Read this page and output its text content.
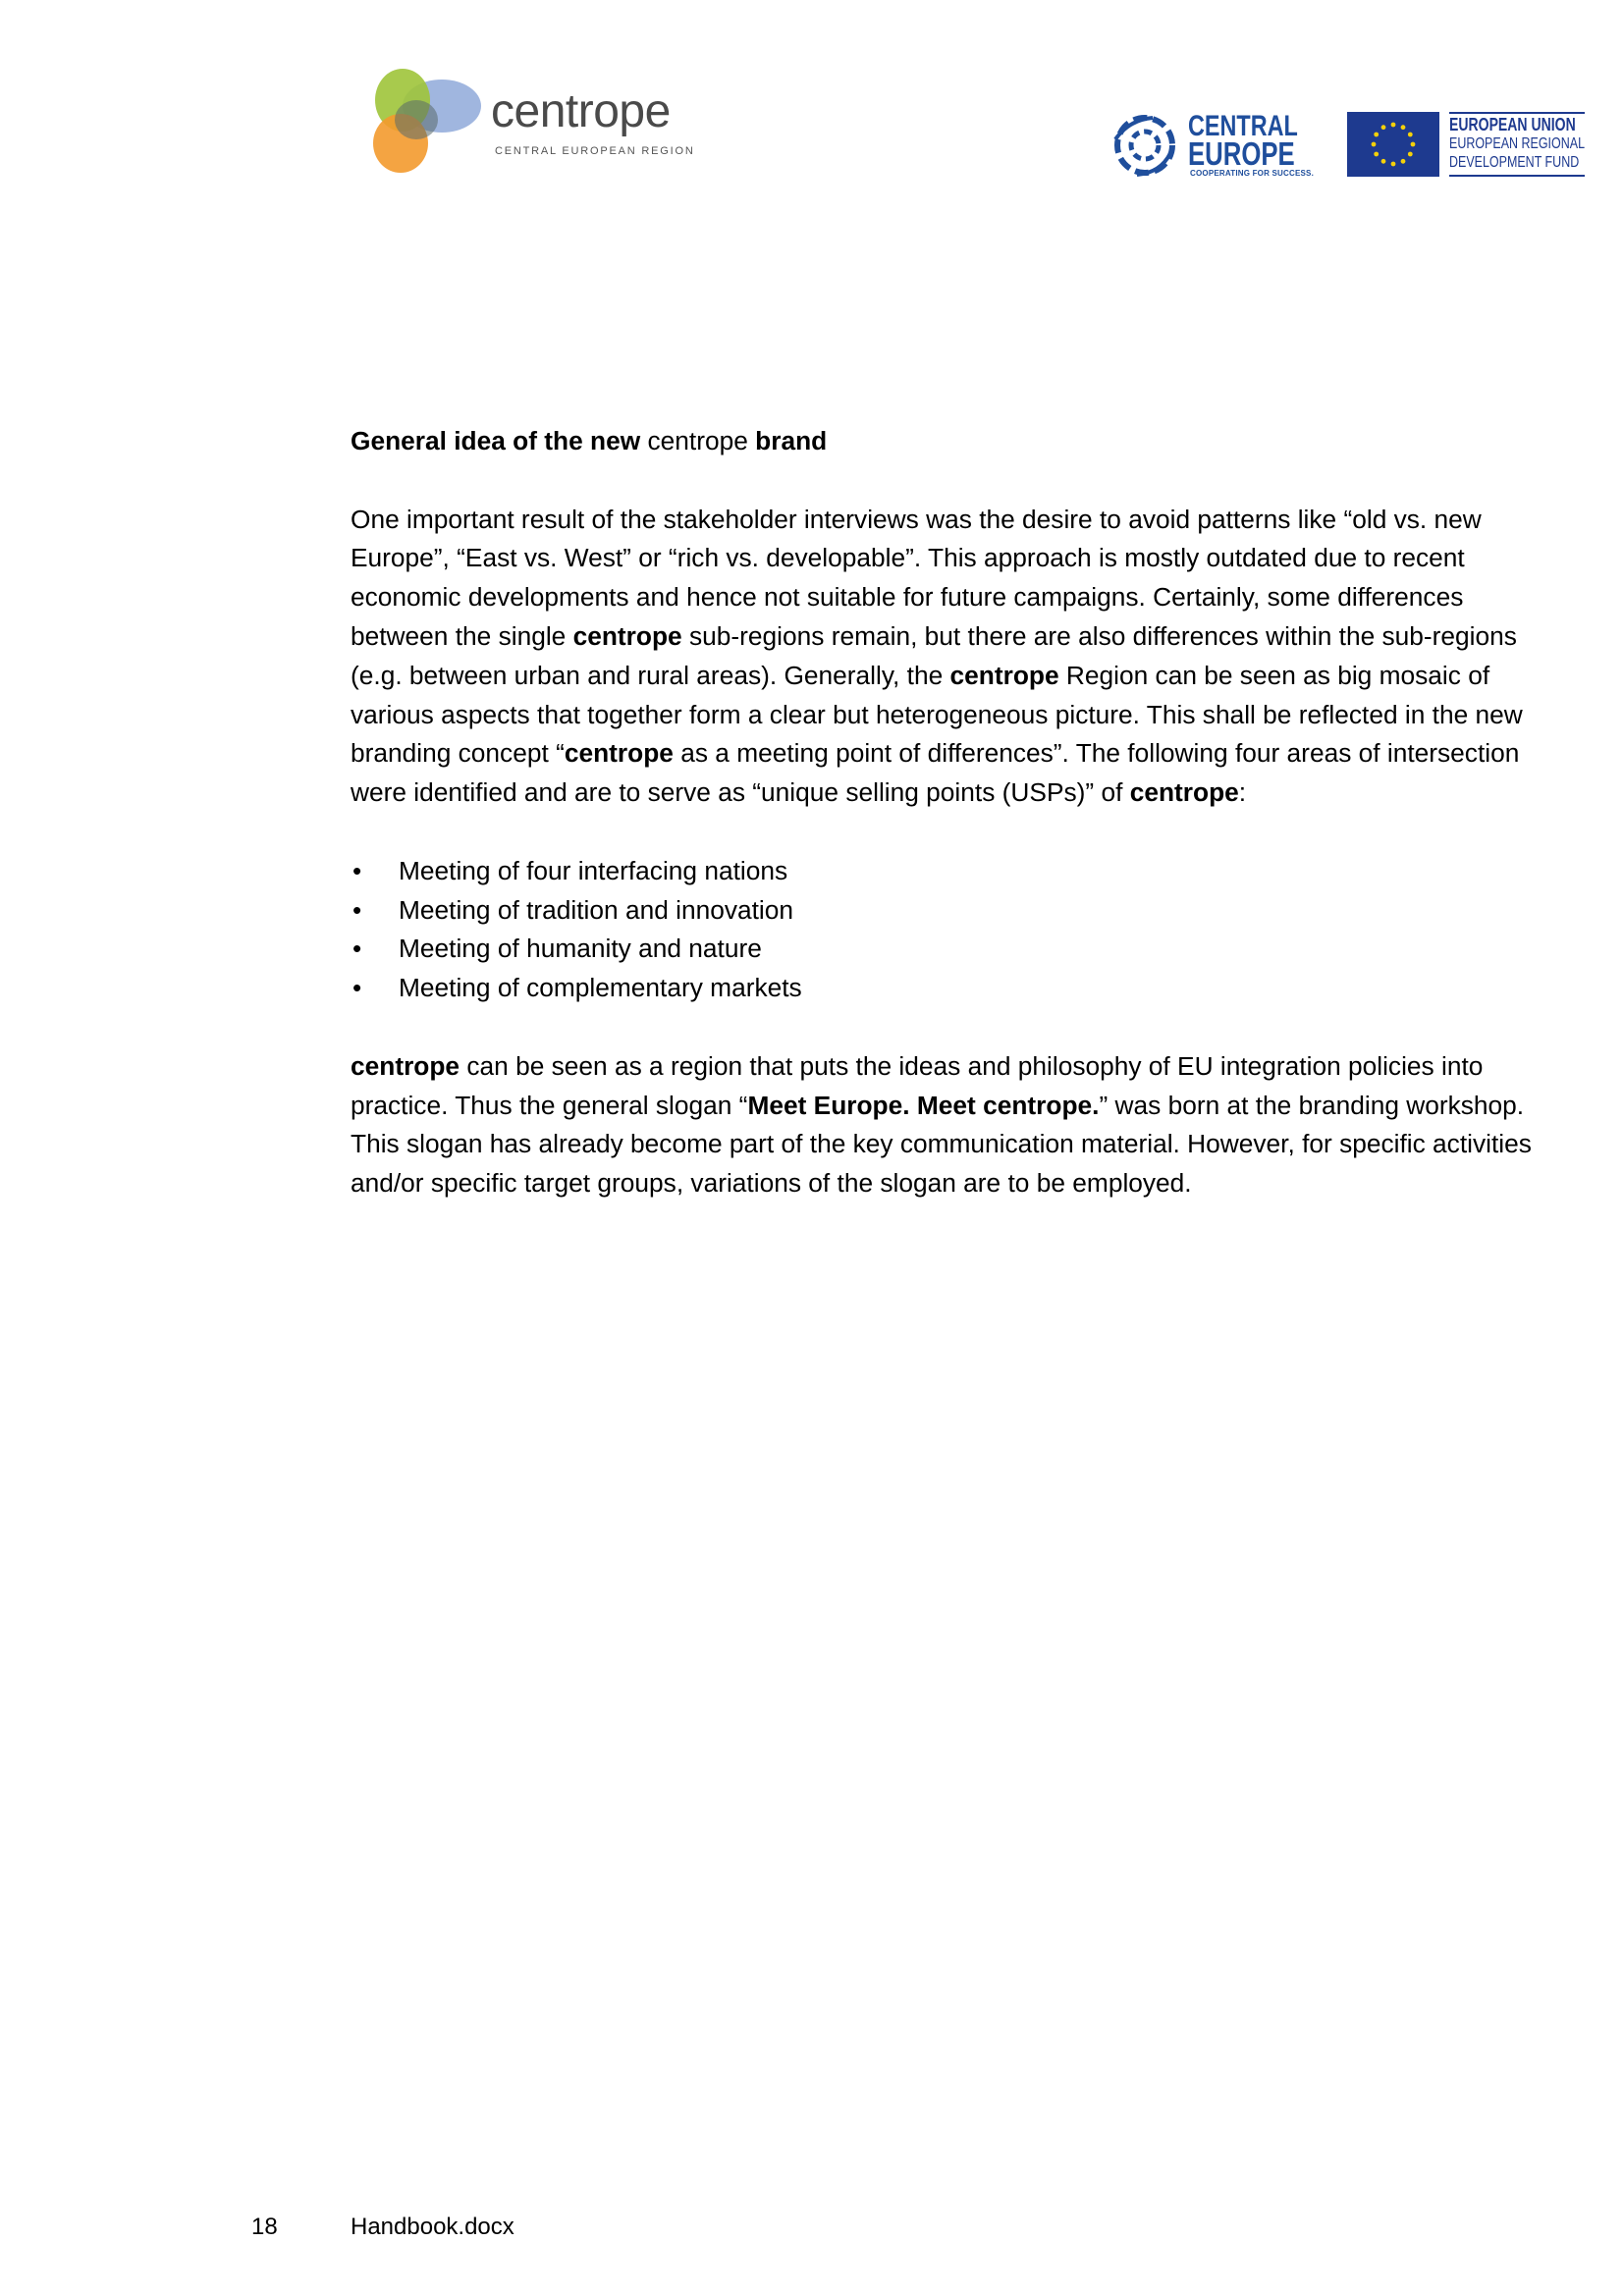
centrope
CENTRAL EUROPEAN REGION
CENTRAL
EUROPE
COOPERATING FOR SUCCESS.
EUROPEAN UNION
EUROPEAN REGIONAL
DEVELOPMENT FUND

General idea of the new centrope brand

One important result of the stakeholder interviews was the desire to avoid patterns like “old vs. new Europe”, “East vs. West” or “rich vs. developable”. This approach is mostly outdated due to recent economic developments and hence not suitable for future campaigns. Certainly, some differences between the single centrope sub-regions remain, but there are also differences within the sub-regions (e.g. between urban and rural areas). Generally, the centrope Region can be seen as big mosaic of various aspects that together form a clear but heterogeneous picture. This shall be reflected in the new branding concept “centrope as a meeting point of differences”. The following four areas of intersection were identified and are to serve as “unique selling points (USPs)” of centrope:

• Meeting of four interfacing nations
• Meeting of tradition and innovation
• Meeting of humanity and nature
• Meeting of complementary markets

centrope can be seen as a region that puts the ideas and philosophy of EU integration policies into practice. Thus the general slogan “Meet Europe. Meet centrope.” was born at the branding workshop. This slogan has already become part of the key communication material. However, for specific activities and/or specific target groups, variations of the slogan are to be employed.

18	Handbook.docx
